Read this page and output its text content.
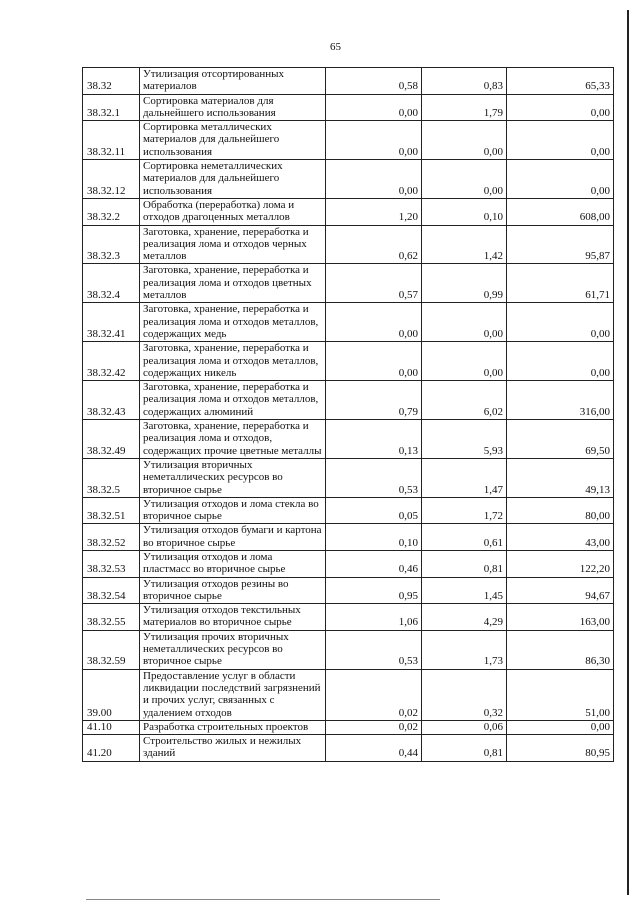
65
38.32	Утилизация отсортированных материалов	0,58	0,83	65,33
38.32.1	Сортировка материалов для дальнейшего использования	0,00	1,79	0,00
38.32.11	Сортировка металлических материалов для дальнейшего использования	0,00	0,00	0,00
38.32.12	Сортировка неметаллических материалов для дальнейшего использования	0,00	0,00	0,00
38.32.2	Обработка (переработка) лома и отходов драгоценных металлов	1,20	0,10	608,00
38.32.3	Заготовка, хранение, переработка и реализация лома и отходов черных металлов	0,62	1,42	95,87
38.32.4	Заготовка, хранение, переработка и реализация лома и отходов цветных металлов	0,57	0,99	61,71
38.32.41	Заготовка, хранение, переработка и реализация лома и отходов металлов, содержащих медь	0,00	0,00	0,00
38.32.42	Заготовка, хранение, переработка и реализация лома и отходов металлов, содержащих никель	0,00	0,00	0,00
38.32.43	Заготовка, хранение, переработка и реализация лома и отходов металлов, содержащих алюминий	0,79	6,02	316,00
38.32.49	Заготовка, хранение, переработка и реализация лома и отходов, содержащих прочие цветные металлы	0,13	5,93	69,50
38.32.5	Утилизация вторичных неметаллических ресурсов во вторичное сырье	0,53	1,47	49,13
38.32.51	Утилизация отходов и лома стекла во вторичное сырье	0,05	1,72	80,00
38.32.52	Утилизация отходов бумаги и картона во вторичное сырье	0,10	0,61	43,00
38.32.53	Утилизация отходов и лома пластмасс во вторичное сырье	0,46	0,81	122,20
38.32.54	Утилизация отходов резины во вторичное сырье	0,95	1,45	94,67
38.32.55	Утилизация отходов текстильных материалов во вторичное сырье	1,06	4,29	163,00
38.32.59	Утилизация прочих вторичных неметаллических ресурсов во вторичное сырье	0,53	1,73	86,30
39.00	Предоставление услуг в области ликвидации последствий загрязнений и прочих услуг, связанных с удалением отходов	0,02	0,32	51,00
41.10	Разработка строительных проектов	0,02	0,06	0,00
41.20	Строительство жилых и нежилых зданий	0,44	0,81	80,95
